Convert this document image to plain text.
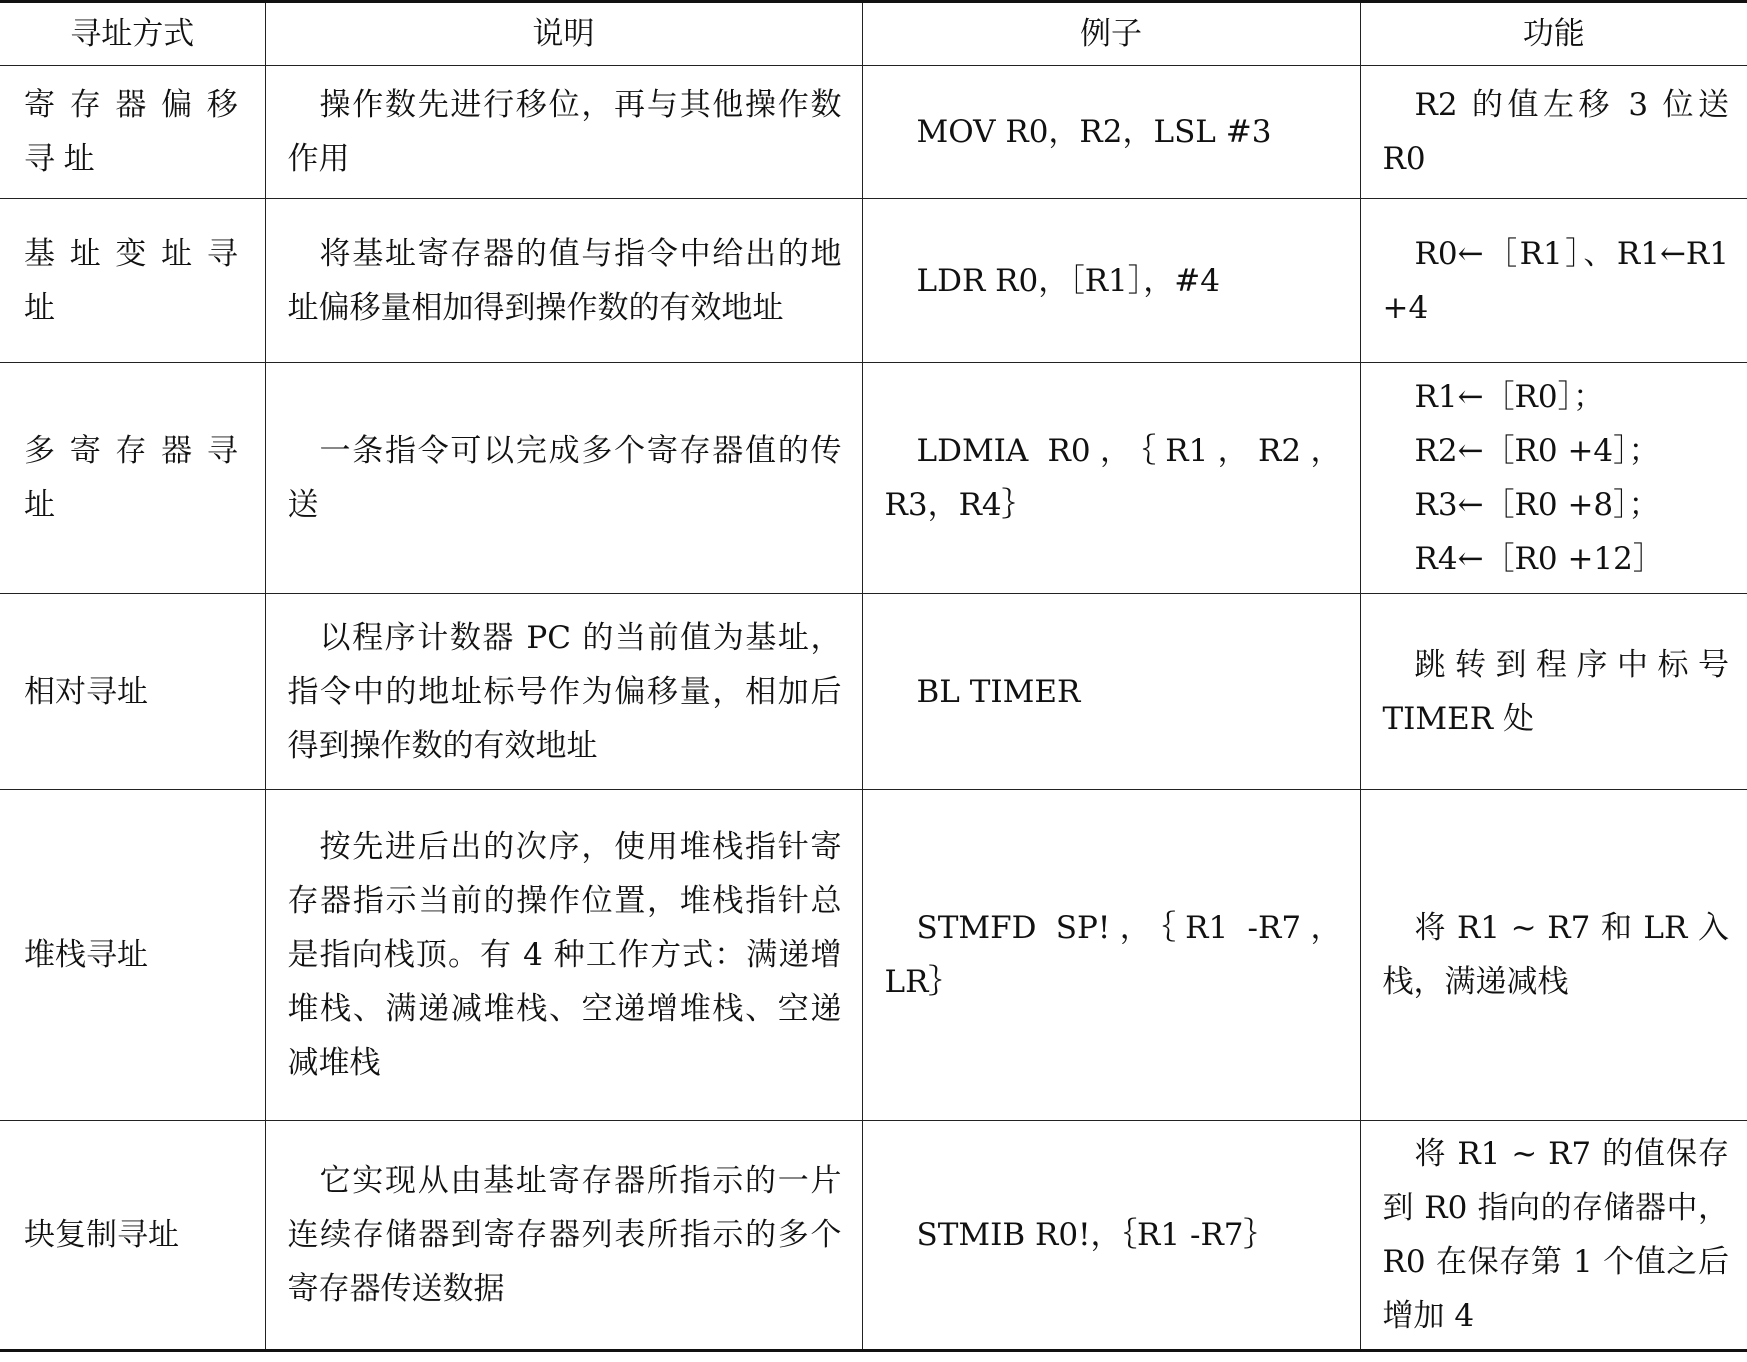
寻址方式	说明	例子	功能
寄存器偏移寻址	操作数先进行移位，再与其他操作数作用	MOV R0，R2，LSL #3	R2 的值左移 3 位送 R0
基址变址寻址	将基址寄存器的值与指令中给出的地址偏移量相加得到操作数的有效地址	LDR R0，［R1］，#4	R0←［R1］、R1←R1 +4
多寄存器寻址	一条指令可以完成多个寄存器值的传送	LDMIA R0，｛R1，R2，R3，R4｝	R1←［R0］；
R2←［R0 +4］；
R3←［R0 +8］；
R4←［R0 +12］

相对寻址	以程序计数器 PC 的当前值为基址，指令中的地址标号作为偏移量，相加后得到操作数的有效地址	BL TIMER	跳转到程序中标号 TIMER 处
堆栈寻址	按先进后出的次序，使用堆栈指针寄存器指示当前的操作位置，堆栈指针总是指向栈顶。有 4 种工作方式：满递增堆栈、满递减堆栈、空递增堆栈、空递减堆栈	STMFD SP!，｛R1 -R7，LR｝	将 R1 ~ R7 和 LR 入栈，满递减栈
块复制寻址	它实现从由基址寄存器所指示的一片连续存储器到寄存器列表所指示的多个寄存器传送数据	STMIB R0!，｛R1 -R7｝	将 R1 ~ R7 的值保存到 R0 指向的存储器中，R0 在保存第 1 个值之后增加 4
